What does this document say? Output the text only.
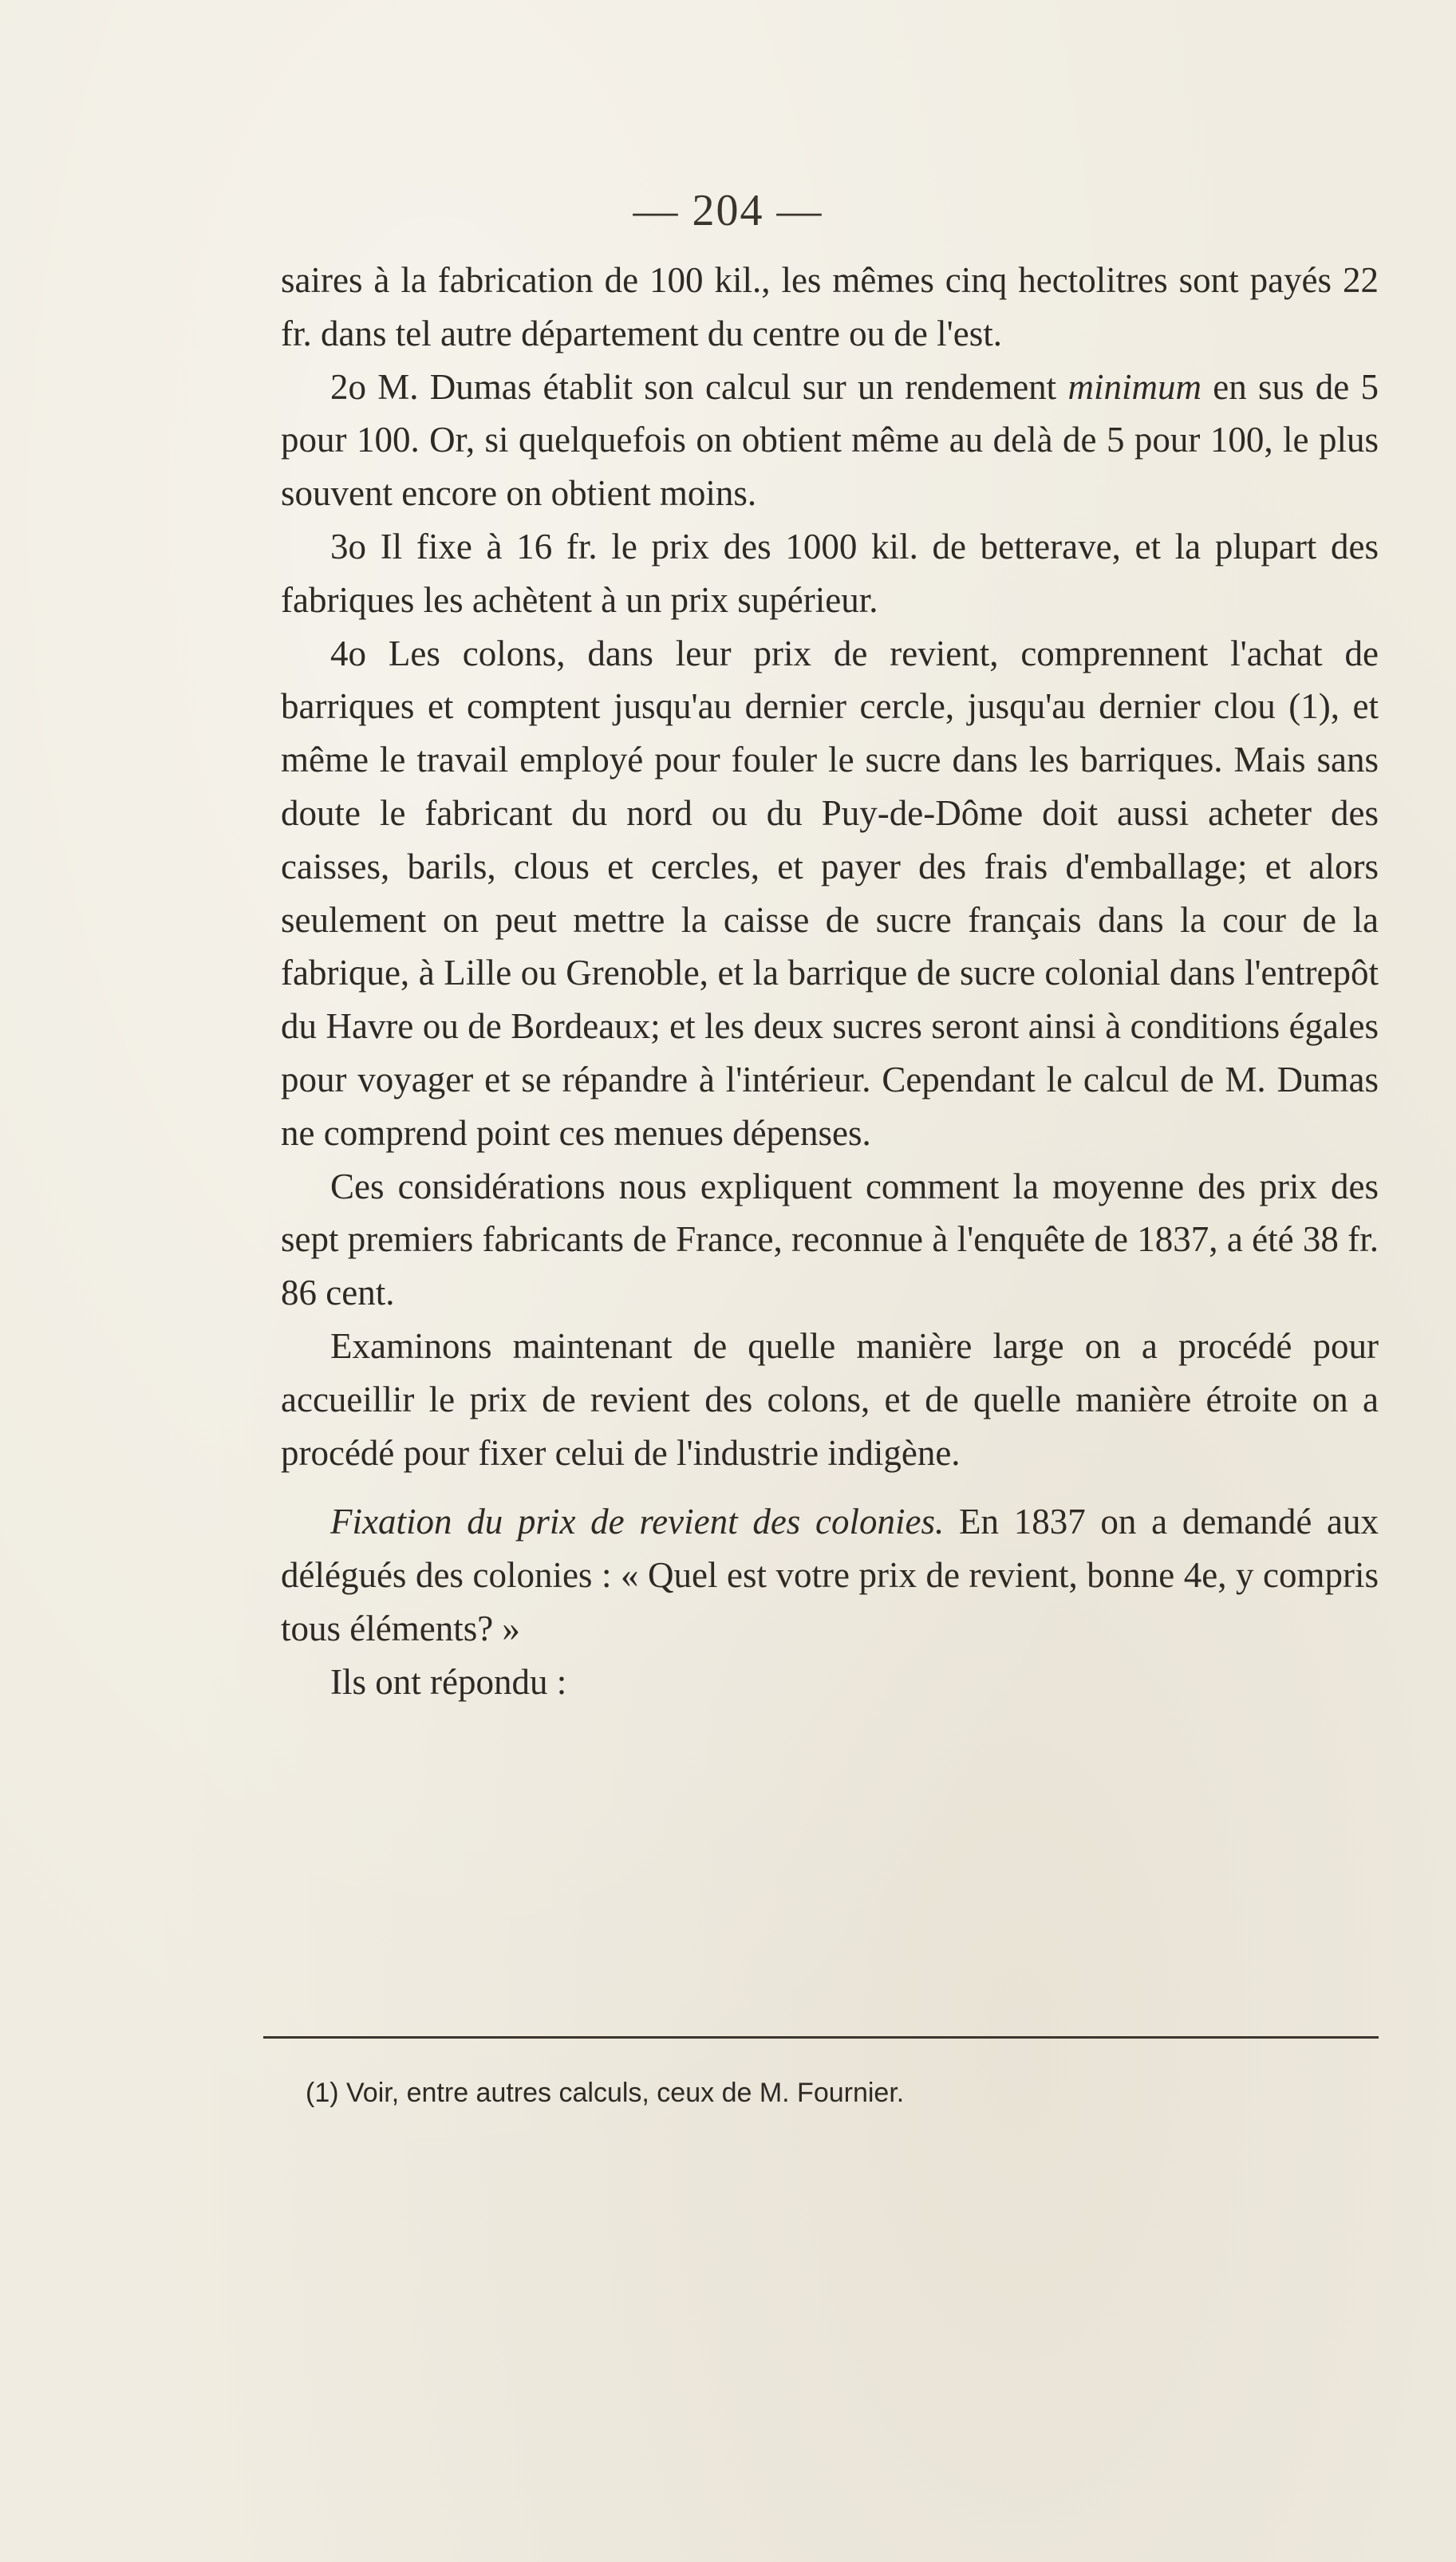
— 204 —

saires à la fabrication de 100 kil., les mêmes cinq hectolitres sont payés 22 fr. dans tel autre département du centre ou de l'est.

2o M. Dumas établit son calcul sur un rendement minimum en sus de 5 pour 100. Or, si quelquefois on obtient même au delà de 5 pour 100, le plus souvent encore on obtient moins.

3o Il fixe à 16 fr. le prix des 1000 kil. de betterave, et la plupart des fabriques les achètent à un prix supérieur.

4o Les colons, dans leur prix de revient, comprennent l'achat de barriques et comptent jusqu'au dernier cercle, jusqu'au dernier clou (1), et même le travail employé pour fouler le sucre dans les barriques. Mais sans doute le fabricant du nord ou du Puy-de-Dôme doit aussi acheter des caisses, barils, clous et cercles, et payer des frais d'emballage; et alors seulement on peut mettre la caisse de sucre français dans la cour de la fabrique, à Lille ou Grenoble, et la barrique de sucre colonial dans l'entrepôt du Havre ou de Bordeaux; et les deux sucres seront ainsi à conditions égales pour voyager et se répandre à l'intérieur. Cependant le calcul de M. Dumas ne comprend point ces menues dépenses.

Ces considérations nous expliquent comment la moyenne des prix des sept premiers fabricants de France, reconnue à l'enquête de 1837, a été 38 fr. 86 cent.

Examinons maintenant de quelle manière large on a procédé pour accueillir le prix de revient des colons, et de quelle manière étroite on a procédé pour fixer celui de l'industrie indigène.

Fixation du prix de revient des colonies. En 1837 on a demandé aux délégués des colonies : « Quel est votre prix de revient, bonne 4e, y compris tous éléments? »

Ils ont répondu :

(1) Voir, entre autres calculs, ceux de M. Fournier.
